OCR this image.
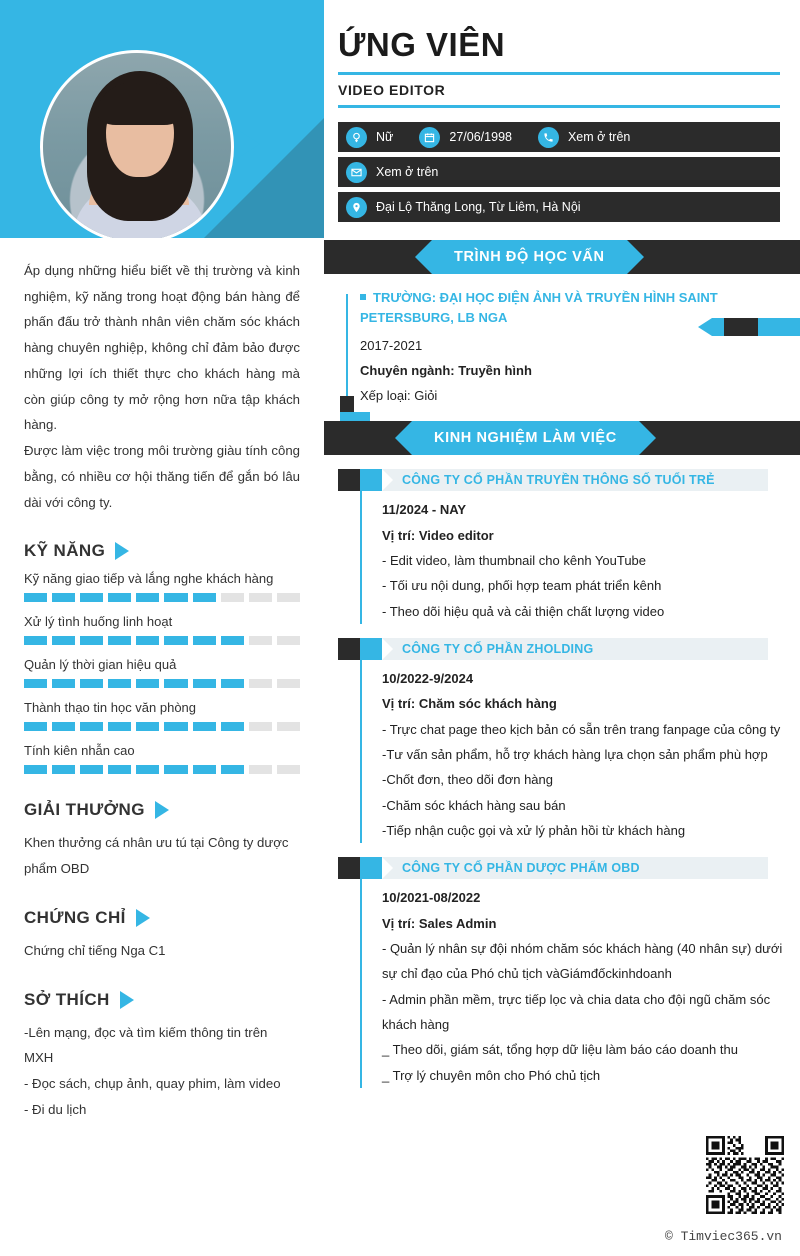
Áp dụng những hiểu biết về thị trường và kinh nghiệm, kỹ năng trong hoạt động bán hàng để phấn đấu trở thành nhân viên chăm sóc khách hàng chuyên nghiệp, không chỉ đảm bảo được những lợi ích thiết thực cho khách hàng mà còn giúp công ty mở rộng hơn nữa tập khách hàng.

Được làm việc trong môi trường giàu tính công bằng, có nhiều cơ hội thăng tiến để gắn bó lâu dài với công ty.

KỸ NĂNG
Kỹ năng giao tiếp và lắng nghe khách hàng
Xử lý tình huống linh hoạt
Quản lý thời gian hiệu quả
Thành thạo tin học văn phòng
Tính kiên nhẫn cao
GIẢI THƯỞNG

Khen thưởng cá nhân ưu tú tại Công ty dược phẩm OBD

CHỨNG CHỈ

Chứng chỉ tiếng Nga C1

SỞ THÍCH

-Lên mạng, đọc và tìm kiếm thông tin trên MXH

- Đọc sách, chụp ảnh, quay phim, làm video

- Đi du lịch

ỨNG VIÊN
VIDEO EDITOR
Nữ	27/06/1998	Xem ở trên
Xem ở trên
Đại Lộ Thăng Long, Từ Liêm, Hà Nội
TRÌNH ĐỘ HỌC VẤN
TRƯỜNG: ĐẠI HỌC ĐIỆN ẢNH VÀ TRUYỀN HÌNH SAINT PETERSBURG, LB NGA
2017-2021
Chuyên ngành: Truyền hình
Xếp loại: Giỏi
KINH NGHIỆM LÀM VIỆC
CÔNG TY CỔ PHẦN TRUYỀN THÔNG SỐ TUỔI TRẺ
11/2024 - NAY
Vị trí: Video editor
- Edit video, làm thumbnail cho kênh YouTube
- Tối ưu nội dung, phối hợp team phát triển kênh
- Theo dõi hiệu quả và cải thiện chất lượng video
CÔNG TY CỔ PHẦN ZHOLDING
10/2022-9/2024
Vị trí: Chăm sóc khách hàng
- Trực chat page theo kịch bản có sẵn trên trang fanpage của công ty
-Tư vấn sản phẩm, hỗ trợ khách hàng lựa chọn sản phẩm phù hợp
-Chốt đơn, theo dõi đơn hàng
-Chăm sóc khách hàng sau bán
-Tiếp nhận cuộc gọi và xử lý phản hồi từ khách hàng
CÔNG TY CỔ PHẦN DƯỢC PHẨM OBD
10/2021-08/2022
Vị trí: Sales Admin
- Quản lý nhân sự đội nhóm chăm sóc khách hàng (40 nhân sự) dưới sự chỉ đạo của Phó chủ tịch vàGiámđốckinhdoanh
- Admin phần mềm, trực tiếp lọc và chia data cho đội ngũ chăm sóc khách hàng
_ Theo dõi, giám sát, tổng hợp dữ liệu làm báo cáo doanh thu
_ Trợ lý chuyên môn cho Phó chủ tịch
© Timviec365.vn
